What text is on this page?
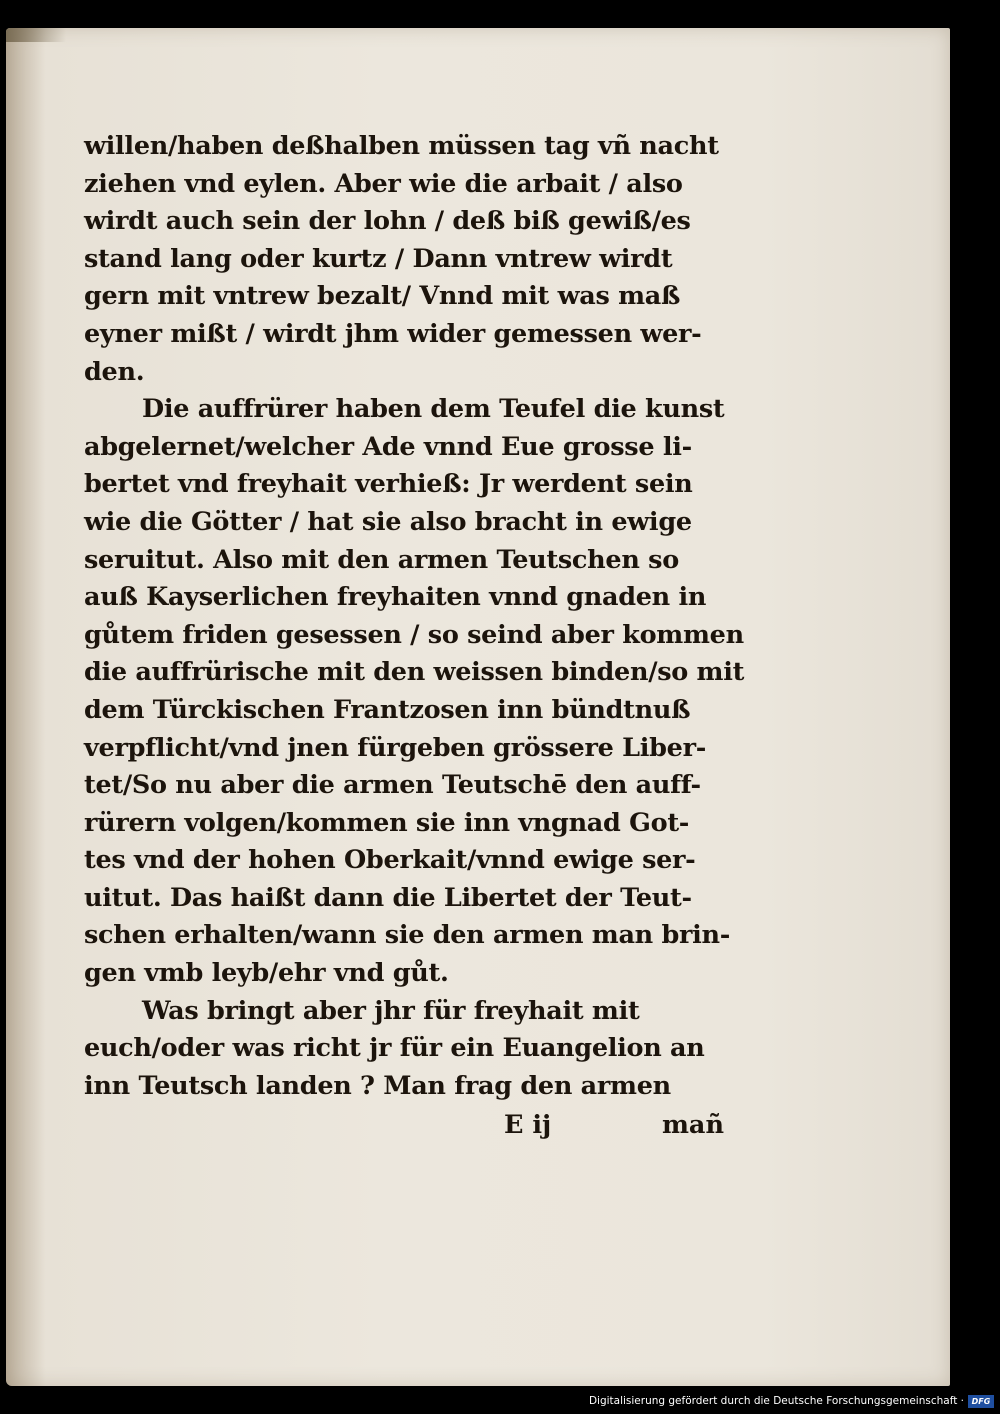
willen/haben deßhalben müssen tag vñ nacht
ziehen vnd eylen. Aber wie die arbait / also
wirdt auch sein der lohn / deß biß gewiß/es
stand lang oder kurtz / Dann vntrew wirdt
gern mit vntrew bezalt/ Vnnd mit was maß
eyner mißt / wirdt jhm wider gemessen wer-
den.
Die auffrürer haben dem Teufel die kunst
abgelernet/welcher Ade vnnd Eue grosse li-
bertet vnd freyhait verhieß: Jr werdent sein
wie die Götter / hat sie also bracht in ewige
seruitut. Also mit den armen Teutschen so
auß Kayserlichen freyhaiten vnnd gnaden in
gůtem friden gesessen / so seind aber kommen
die auffrürische mit den weissen binden/so mit
dem Türckischen Frantzosen inn bündtnuß
verpflicht/vnd jnen fürgeben grössere Liber-
tet/So nu aber die armen Teutschē den auff-
rürern volgen/kommen sie inn vngnad Got-
tes vnd der hohen Oberkait/vnnd ewige ser-
uitut. Das haißt dann die Libertet der Teut-
schen erhalten/wann sie den armen man brin-
gen vmb leyb/ehr vnd gůt.
Was bringt aber jhr für freyhait mit
euch/oder was richt jr für ein Euangelion an
inn Teutsch landen ? Man frag den armen
E ij	mañ
Digitalisierung gefördert durch die Deutsche Forschungsgemeinschaft · DFG
